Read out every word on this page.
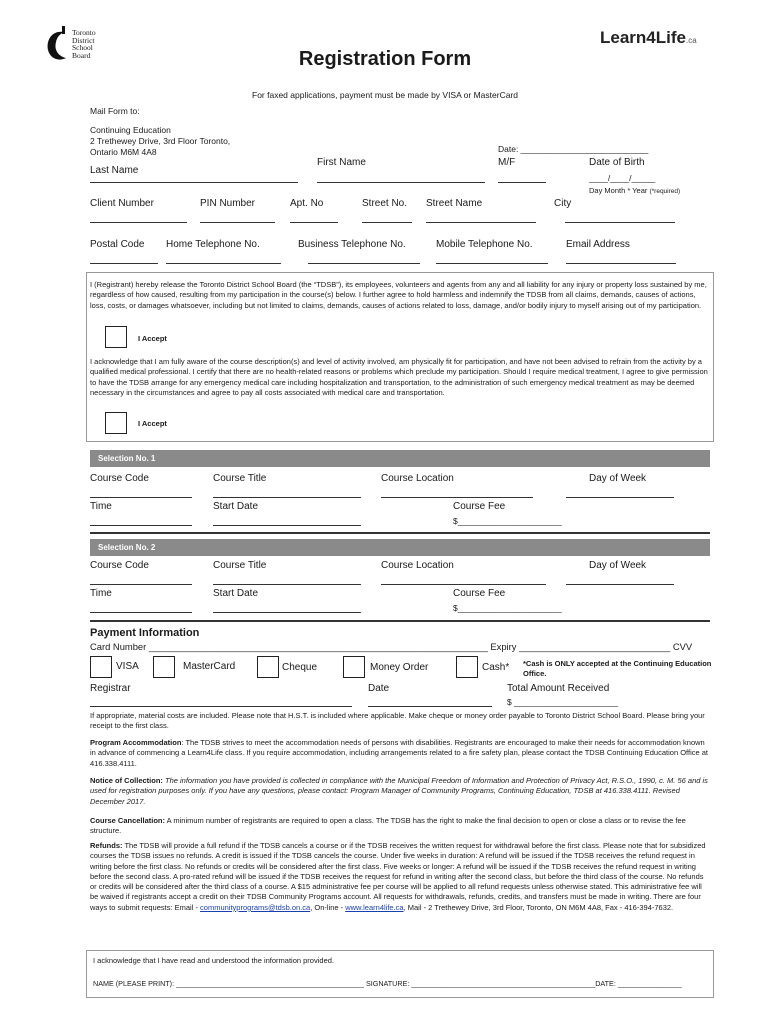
Toronto
District
School
Board
Learn4Life.ca
Registration Form
For faxed applications, payment must be made by VISA or MasterCard
Mail Form to:
Continuing Education
2 Trethewey Drive, 3rd Floor Toronto,
Ontario M6M 4A8	Date: ___________________________
Last Name
First Name	M/F	Date of Birth
____/____/_____
Day Month * Year (*required)
Client Number	PIN Number	Apt. No	Street No. Street Name	City
Postal Code Home Telephone No.	Business Telephone No.	Mobile Telephone No.	Email Address
I (Registrant) hereby release the Toronto District School Board (the “TDSB”), its employees, volunteers and agents from any and all liability for any injury or property loss sustained by me, regardless of how caused, resulting from my participation in the course(s) below. I further agree to hold harmless and indemnify the TDSB from all claims, demands, causes of actions, loss, costs, or damages whatsoever, including but not limited to claims, demands, causes of actions related to loss, damage, and/or bodily injury to myself arising out of my participation.
I Accept
I acknowledge that I am fully aware of the course description(s) and level of activity involved, am physically fit for participation, and have not been advised to refrain from the activity by a qualified medical professional. I certify that there are no health-related reasons or problems which preclude my participation. Should I require medical treatment, I agree to give permission to have the TDSB arrange for any emergency medical care including hospitalization and transportation, to the administration of such emergency medical treatment as may be deemed necessary in the circumstances and agree to pay all costs associated with medical care and transportation.
I Accept
Selection No. 1
Course Code	Course Title	Course Location	Day of Week
Time	Start Date	Course Fee
$______________________
Selection No. 2
Course Code	Course Title	Course Location	Day of Week
Time	Start Date	Course Fee
$______________________
Payment Information
Card Number _________________________________________________________________ Expiry _____________________________ CVV
VISA	MasterCard	Cheque	Money Order	Cash* *Cash is ONLY accepted at the Continuing Education Office.
Registrar	Date	Total Amount Received
$ ______________________
If appropriate, material costs are included. Please note that H.S.T. is included where applicable. Make cheque or money order payable to Toronto District School Board. Please bring your receipt to the first class.
Program Accommodation: The TDSB strives to meet the accommodation needs of persons with disabilities. Registrants are encouraged to make their needs for accommodation known in advance of commencing a Learn4Life class. If you require accommodation, including arrangements related to a fire safety plan, please contact the TDSB Continuing Education Office at 416.338.4111.
Notice of Collection: The information you have provided is collected in compliance with the Municipal Freedom of Information and Protection of Privacy Act, R.S.O., 1990, c. M. 56 and is used for registration purposes only. If you have any questions, please contact: Program Manager of Community Programs, Continuing Education, TDSB at 416.338.4111. Revised December 2017.
Course Cancellation: A minimum number of registrants are required to open a class. The TDSB has the right to make the final decision to open or close a class or to revise the fee structure.
Refunds: The TDSB will provide a full refund if the TDSB cancels a course or if the TDSB receives the written request for withdrawal before the first class. Please note that for subsidized courses the TDSB issues no refunds. A credit is issued if the TDSB cancels the course. Under five weeks in duration: A refund will be issued if the TDSB receives the refund request in writing before the first class. No refunds or credits will be considered after the first class. Five weeks or longer: A refund will be issued if the TDSB receives the refund request in writing before the second class. A pro-rated refund will be issued if the TDSB receives the request for refund in writing after the second class, but before the third class of the course. No refunds or credits will be considered after the third class of a course. A $15 administrative fee per course will be applied to all refund requests unless otherwise stated. This administrative fee will be waived if registrants accept a credit on their TDSB Community Programs account. All requests for withdrawals, refunds, credits, and transfers must be made in writing. There are four ways to submit requests: Email - communityprograms@tdsb.on.ca, On-line - www.learn4life.ca, Mail - 2 Trethewey Drive, 3rd Floor, Toronto, ON M6M 4A8, Fax - 416-394-7632.
I acknowledge that I have read and understood the information provided.
NAME (PLEASE PRINT): _______________________________________________ SIGNATURE: ______________________________________________DATE: ________________
